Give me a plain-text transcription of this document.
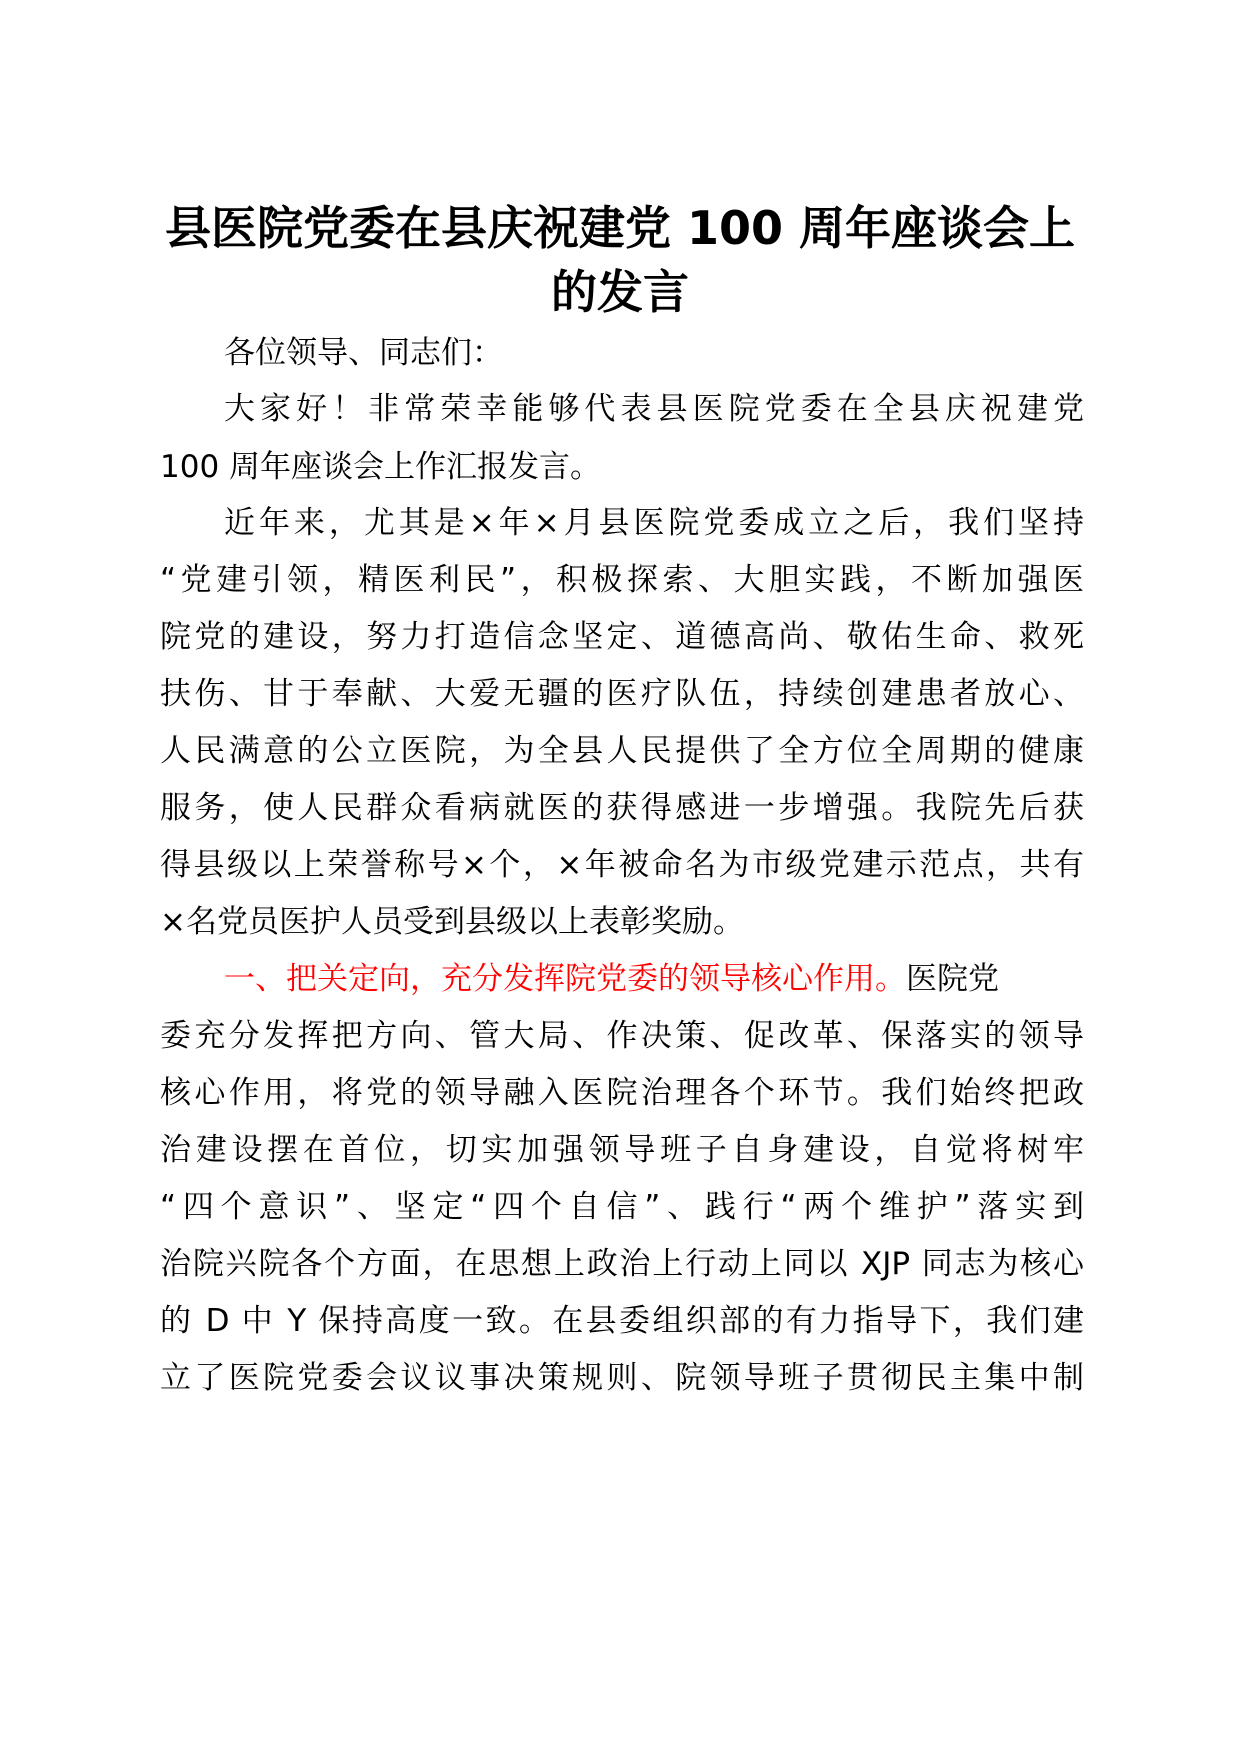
县医院党委在县庆祝建党 100 周年座谈会上
的发言
各位领导、同志们：
大家好！非常荣幸能够代表县医院党委在全县庆祝建党
100 周年座谈会上作汇报发言。
近年来，尤其是×年×月县医院党委成立之后，我们坚持
“党建引领，精医利民”，积极探索、大胆实践，不断加强医
院党的建设，努力打造信念坚定、道德高尚、敬佑生命、救死
扶伤、甘于奉献、大爱无疆的医疗队伍，持续创建患者放心、
人民满意的公立医院，为全县人民提供了全方位全周期的健康
服务，使人民群众看病就医的获得感进一步增强。我院先后获
得县级以上荣誉称号×个，×年被命名为市级党建示范点，共有
×名党员医护人员受到县级以上表彰奖励。
一、把关定向，充分发挥院党委的领导核心作用。医院党
委充分发挥把方向、管大局、作决策、促改革、保落实的领导
核心作用，将党的领导融入医院治理各个环节。我们始终把政
治建设摆在首位，切实加强领导班子自身建设，自觉将树牢
“四个意识”、坚定“四个自信”、践行“两个维护”落实到
治院兴院各个方面，在思想上政治上行动上同以 XJP 同志为核心
的 D 中 Y 保持高度一致。在县委组织部的有力指导下，我们建
立了医院党委会议议事决策规则、院领导班子贯彻民主集中制
